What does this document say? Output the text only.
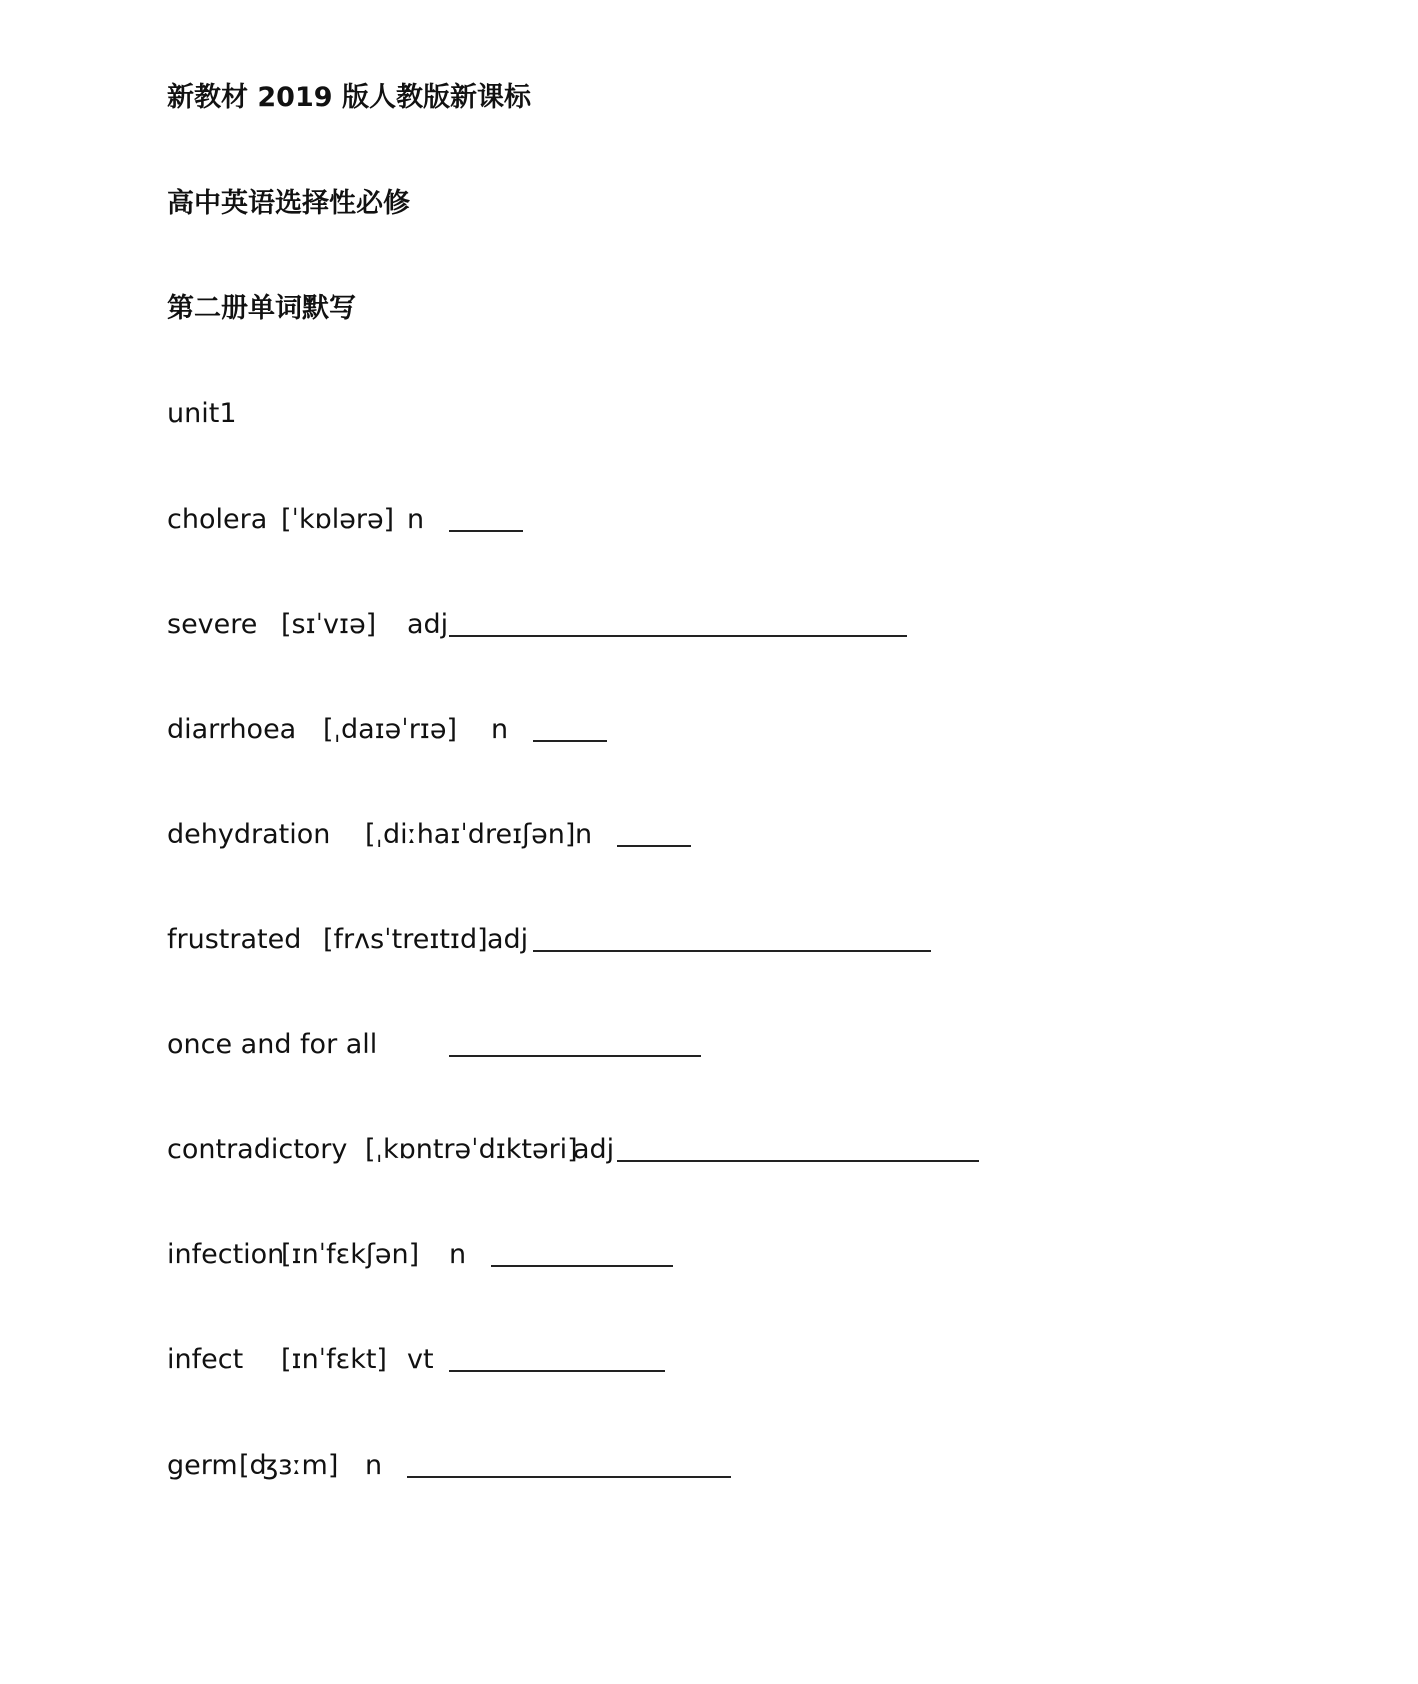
新教材 2019 版人教版新课标
高中英语选择性必修
第二册单词默写
unit1
cholera [ˈkɒlərə] n
severe [sɪˈvɪə] adj
diarrhoea [ˌdaɪəˈrɪə] n
dehydration [ˌdiːhaɪˈdreɪʃən] n
frustrated [frʌsˈtreɪtɪd] adj
once and for all
contradictory [ˌkɒntrəˈdɪktəri]
adj
infection
[ɪnˈfɛkʃən] n
infect [ɪnˈfɛkt] vt
germ [ʤɜːm] n
